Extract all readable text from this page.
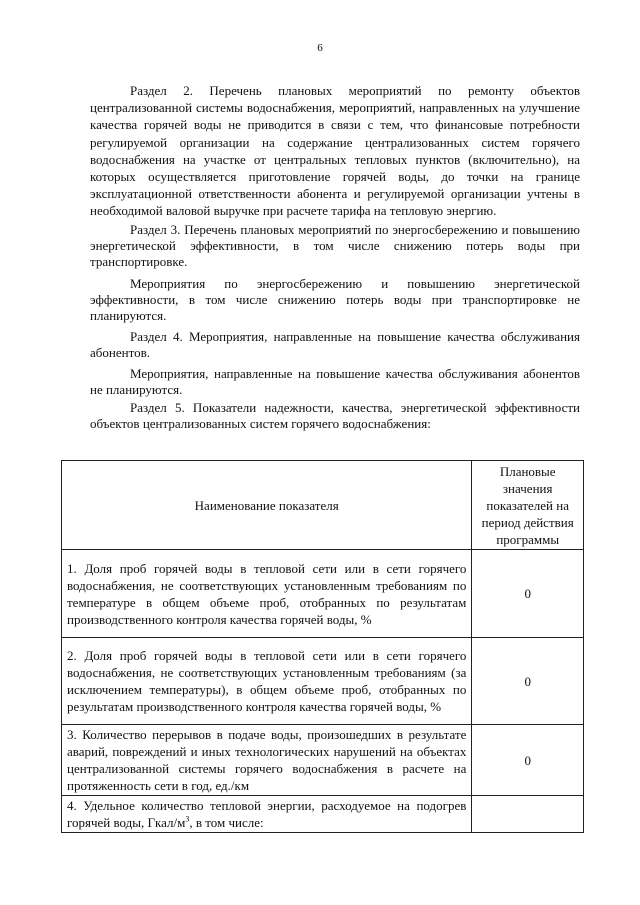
6

Раздел 2. Перечень плановых мероприятий по ремонту объектов централизованной системы водоснабжения, мероприятий, направленных на улучшение качества горячей воды не приводится в связи с тем, что финансовые потребности регулируемой организации на содержание централизованных систем горячего водоснабжения на участке от центральных тепловых пунктов (включительно), на которых осуществляется приготовление горячей воды, до точки на границе эксплуатационной ответственности абонента и регулируемой организации учтены в необходимой валовой выручке при расчете тарифа на тепловую энергию.

Раздел 3. Перечень плановых мероприятий по энергосбережению и повышению энергетической эффективности, в том числе снижению потерь воды при транспортировке.

Мероприятия по энергосбережению и повышению энергетической эффективности, в том числе снижению потерь воды при транспортировке не планируются.

Раздел 4. Мероприятия, направленные на повышение качества обслуживания абонентов.

Мероприятия, направленные на повышение качества обслуживания абонентов не планируются.

Раздел 5. Показатели надежности, качества, энергетической эффективности объектов централизованных систем горячего водоснабжения:

Наименование показателя	Плановые значения показателей на период действия программы
1. Доля проб горячей воды в тепловой сети или в сети горячего водоснабжения, не соответствующих установленным требованиям по температуре в общем объеме проб, отобранных по результатам производственного контроля качества горячей воды, %	0
2. Доля проб горячей воды в тепловой сети или в сети горячего водоснабжения, не соответствующих установленным требованиям (за исключением температуры), в общем объеме проб, отобранных по результатам производственного контроля качества горячей воды, %	0
3. Количество перерывов в подаче воды, произошедших в результате аварий, повреждений и иных технологических нарушений на объектах централизованной системы горячего водоснабжения в расчете на протяженность сети в год, ед./км	0
4. Удельное количество тепловой энергии, расходуемое на подогрев горячей воды, Гкал/$м^3$, в том числе:	
